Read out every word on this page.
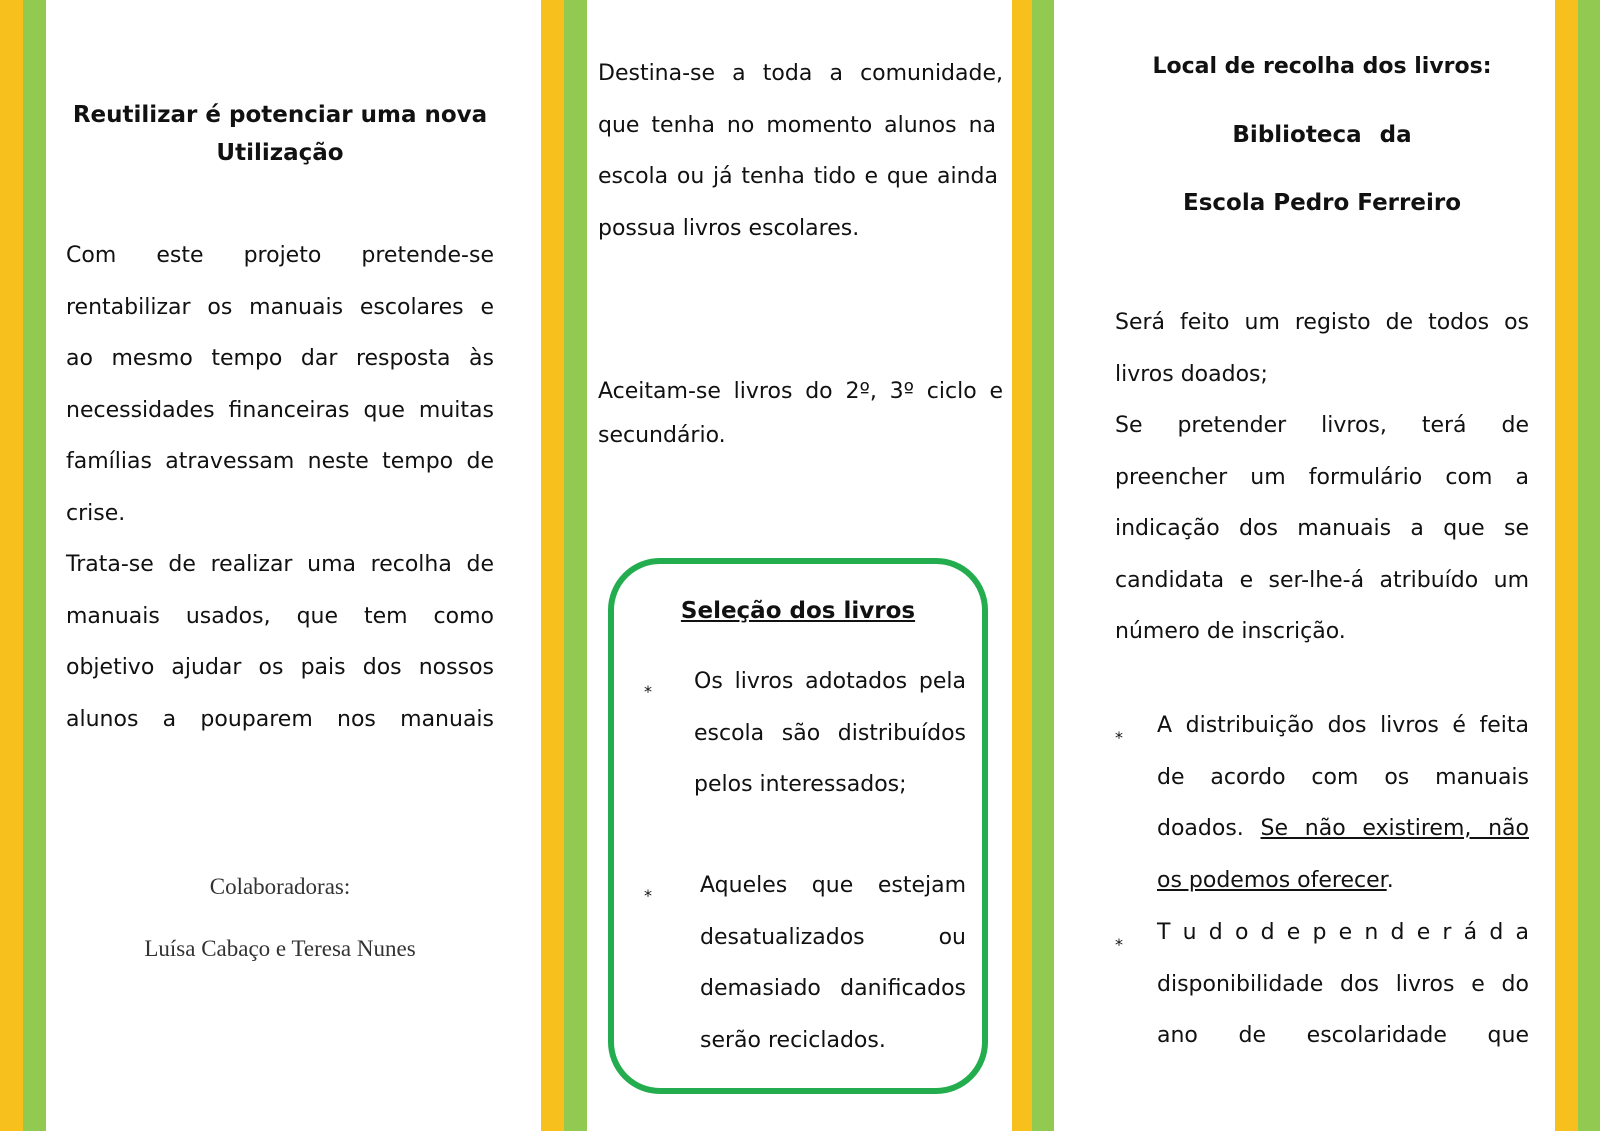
Reutilizar é potenciar uma nova
Utilização

Com este projeto pretende-se
rentabilizar os manuais escolares e
ao mesmo tempo dar resposta às
necessidades financeiras que muitas
famílias atravessam neste tempo de
crise.
Trata-se de realizar uma recolha de
manuais usados, que tem como
objetivo ajudar os pais dos nossos
alunos a pouparem nos manuais

Colaboradoras:
Luísa Cabaço e Teresa Nunes

Destina-se a toda a comunidade,
que tenha no momento alunos na
escola ou já tenha tido e que ainda
possua livros escolares.

Aceitam-se livros do 2º, 3º ciclo e
secundário.

Seleção dos livros
* Os livros adotados pela
escola são distribuídos
pelos interessados;

* Aqueles que estejam
desatualizados ou
demasiado danificados
serão reciclados.

Local de recolha dos livros:
Biblioteca da
Escola Pedro Ferreiro

Será feito um registo de todos os
livros doados;
Se pretender livros, terá de
preencher um formulário com a
indicação dos manuais a que se
candidata e ser-lhe-á atribuído um
número de inscrição.

* A distribuição dos livros é feita
de acordo com os manuais
doados. Se não existirem, não
os podemos oferecer.

* T u d o d e p e n d e r á d a
disponibilidade dos livros e do
ano de escolaridade que
